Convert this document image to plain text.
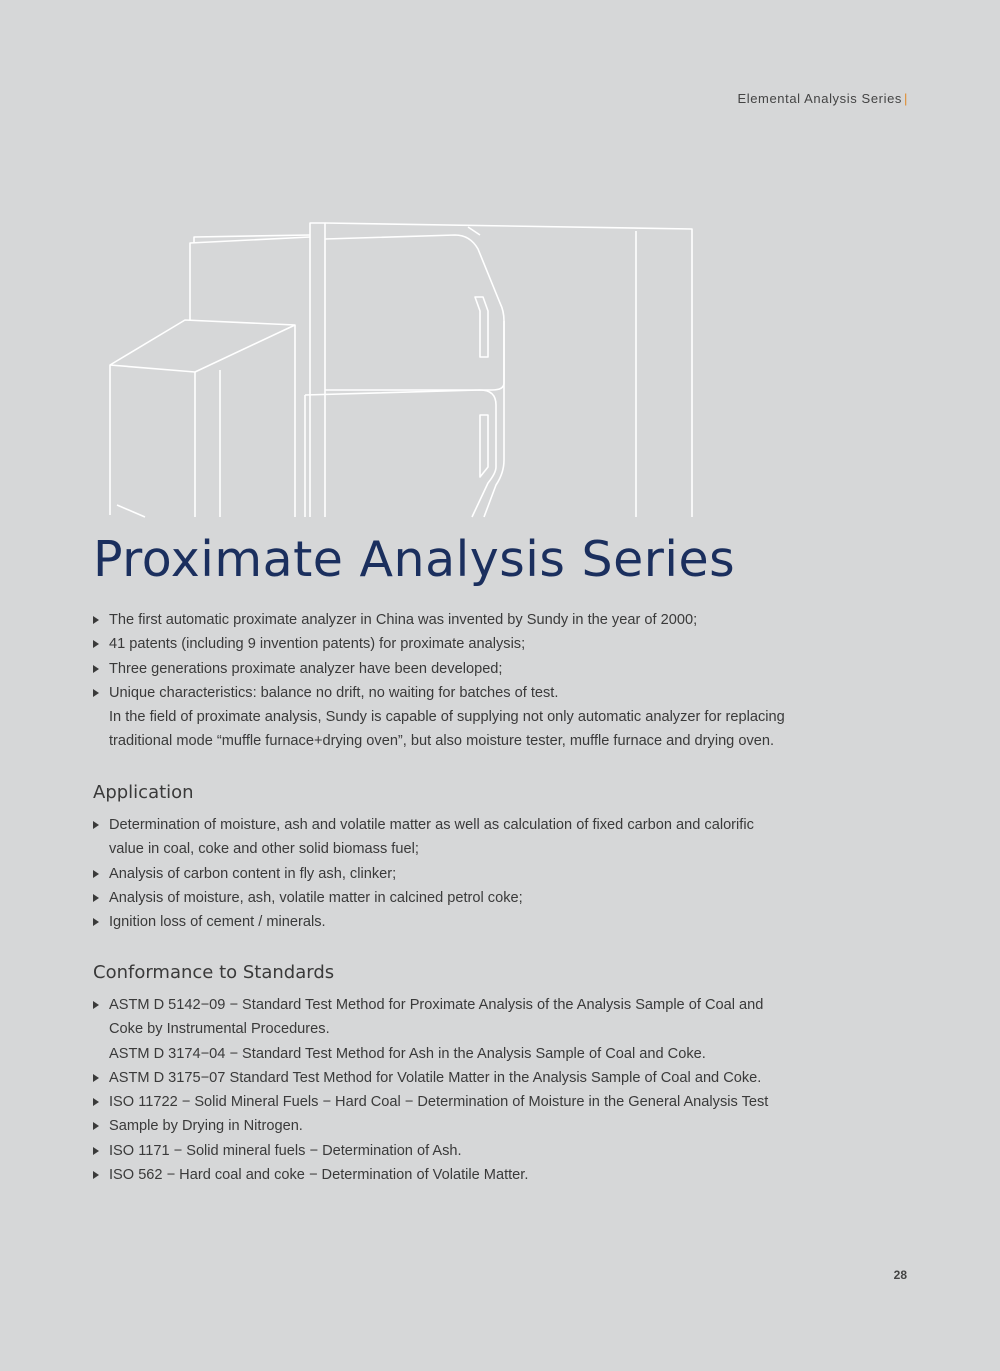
Elemental Analysis Series |
Proximate Analysis Series
The first automatic proximate analyzer in China was invented by Sundy in the year of 2000;
41 patents (including 9 invention patents) for proximate analysis;
Three generations proximate analyzer have been developed;
Unique characteristics: balance no drift, no waiting for batches of test.
In the field of proximate analysis, Sundy is capable of supplying not only automatic analyzer for replacing
traditional mode “muffle furnace+drying oven”, but also moisture tester, muffle furnace and drying oven.
Application
Determination of moisture, ash and volatile matter as well as calculation of fixed carbon and calorific
value in coal, coke and other solid biomass fuel;
Analysis of carbon content in fly ash, clinker;
Analysis of moisture, ash, volatile matter in calcined petrol coke;
Ignition loss of cement / minerals.
Conformance to Standards
ASTM D 5142−09 − Standard Test Method for Proximate Analysis of the Analysis Sample of Coal and
Coke by Instrumental Procedures.
ASTM D 3174−04 − Standard Test Method for Ash in the Analysis Sample of Coal and Coke.
ASTM D 3175−07 Standard Test Method for Volatile Matter in the Analysis Sample of Coal and Coke.
ISO 11722 − Solid Mineral Fuels − Hard Coal − Determination of Moisture in the General Analysis Test
Sample by Drying in Nitrogen.
ISO 1171 − Solid mineral fuels − Determination of Ash.
ISO 562 − Hard coal and coke − Determination of Volatile Matter.
28
